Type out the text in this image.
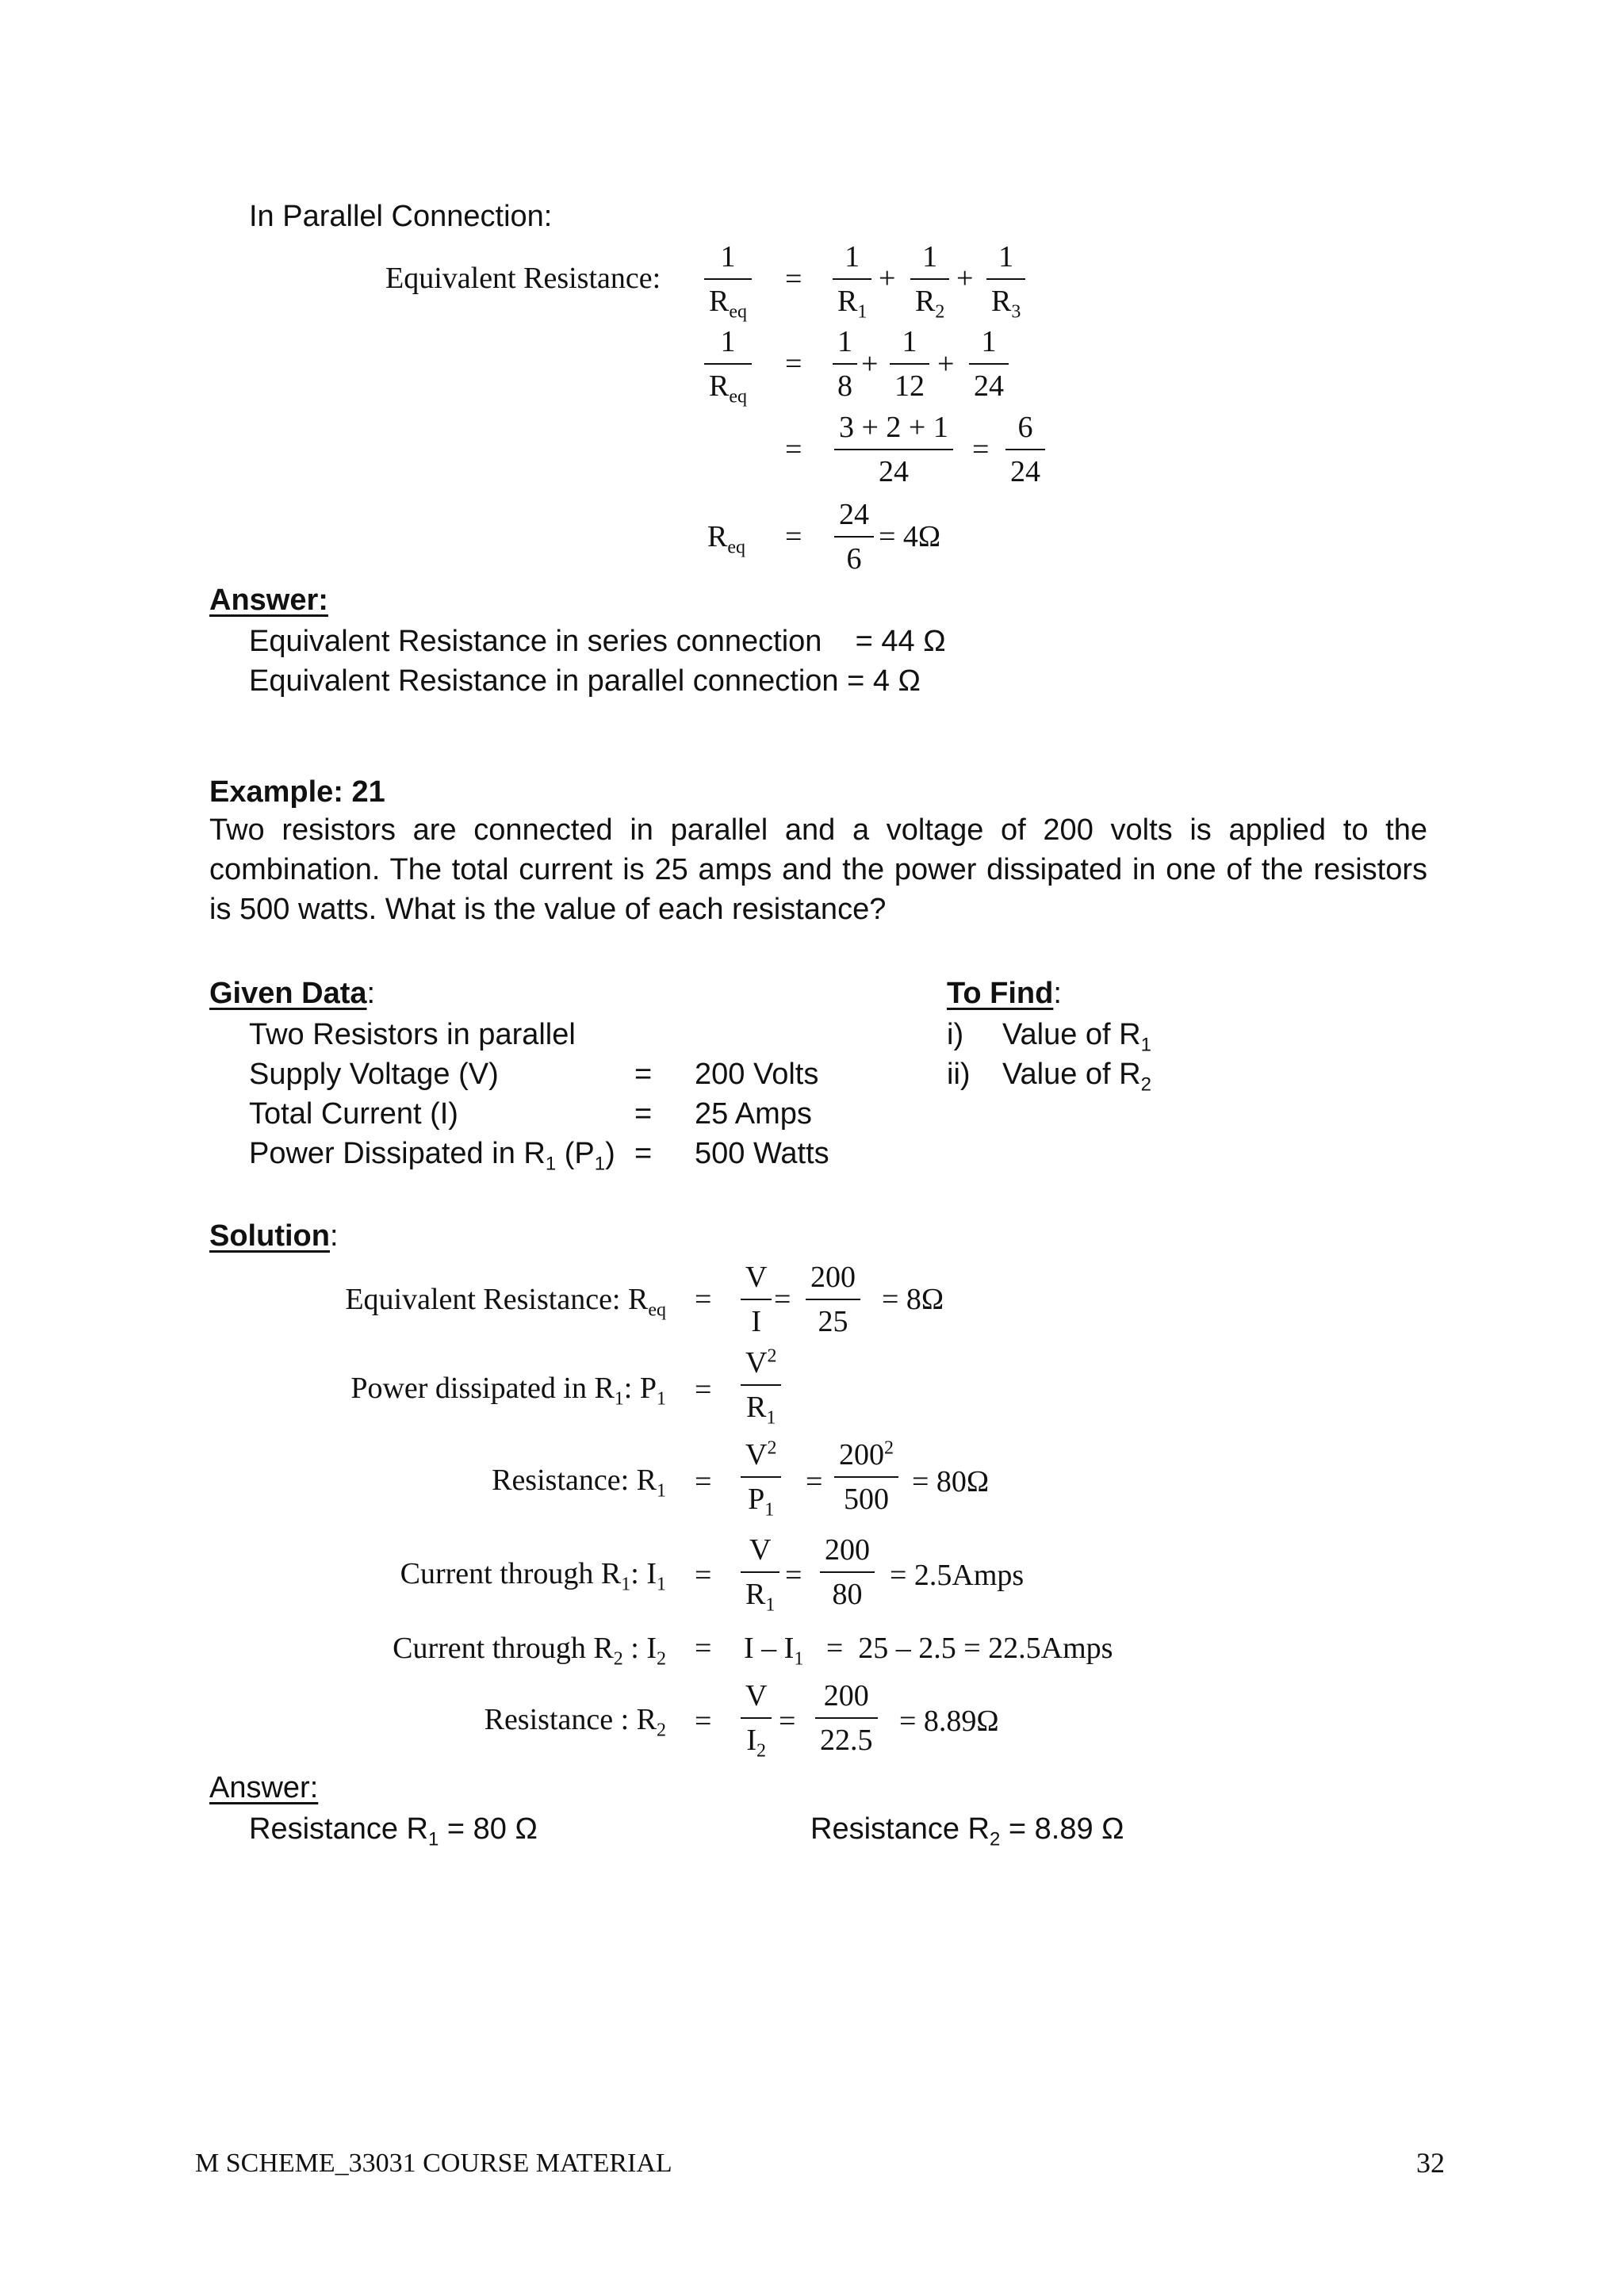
In Parallel Connection:
Equivalent Resistance:
1
$R_{eq}$
=
1
$R_1$
+
1
$R_2$
+
1
$R_3$
1
$R_{eq}$
=
1
8
+
1
12
+
1
24
=
3 + 2 + 1
24
=
6
24
$R_{eq}$ =
24
6
= 4Ω
Answer:
Equivalent Resistance in series connection    = 44 Ω
Equivalent Resistance in parallel connection = 4 Ω
Example: 21
Two resistors are connected in parallel and a voltage of 200 volts is applied to the combination. The total current is 25 amps and the power dissipated in one of the resistors is 500 watts. What is the value of each resistance?
Given Data:
Two Resistors in parallel
Supply Voltage (V)	= 200 Volts
Total Current (I)	= 25 Amps
Power Dissipated in $R_1$ $(P_1) = 500$ Watts
To Find:
i) Value of $R_1$
ii) Value of $R_2$
Solution:
Equivalent Resistance: $R_{eq}$ =
V
I
=
200
25
= 8Ω
Power dissipated in $R_1$: $P_1$ =
$V^2$
$R_1$
Resistance: $R_1$ =
$V^2$
$P_1$
=
$200^2$
500
= 80Ω
Current through $R_1$: $I_1$ =
V
$R_1$
=
200
80
= 2.5Amps
Current through $R_2$ : $I_2 = I - I_1 = 25 - 2.5$ = 22.5Amps
Resistance : $R_2$ =
V
$I_2$
=
200
22.5
= 8.89Ω
Answer:
Resistance $R_1 = 80$ Ω	Resistance $R_2 = 8.89$ Ω
M SCHEME_33031 COURSE MATERIAL	32
